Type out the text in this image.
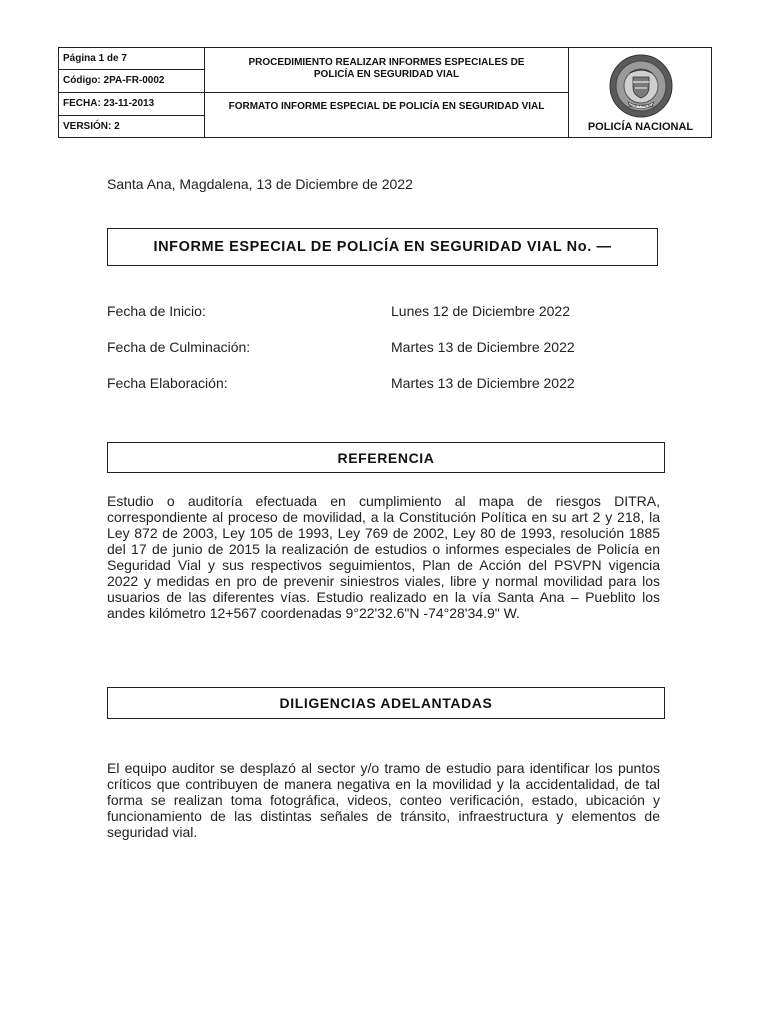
Página 1 de 7
Código: 2PA-FR-0002
FECHA: 23-11-2013
VERSIÓN: 2
PROCEDIMIENTO REALIZAR INFORMES ESPECIALES DE POLICÍA EN SEGURIDAD VIAL
FORMATO INFORME ESPECIAL DE POLICÍA EN SEGURIDAD VIAL	DIOS Y PATRIA
POLICÍA NACIONAL

Santa Ana, Magdalena, 13 de Diciembre de 2022

INFORME ESPECIAL DE POLICÍA EN SEGURIDAD VIAL No. —

Fecha de Inicio:	Lunes 12 de Diciembre 2022

Fecha de Culminación:	Martes 13 de Diciembre 2022

Fecha Elaboración:	Martes 13 de Diciembre 2022

REFERENCIA

Estudio o auditoría efectuada en cumplimiento al mapa de riesgos DITRA, correspondiente al proceso de movilidad, a la Constitución Política en su art 2 y 218, la Ley 872 de 2003, Ley 105 de 1993, Ley 769 de 2002, Ley 80 de 1993, resolución 1885 del 17 de junio de 2015 la realización de estudios o informes especiales de Policía en Seguridad Vial y sus respectivos seguimientos, Plan de Acción del PSVPN vigencia 2022 y medidas en pro de prevenir siniestros viales, libre y normal movilidad para los usuarios de las diferentes vías. Estudio realizado en la vía Santa Ana – Pueblito los andes kilómetro 12+567 coordenadas 9°22'32.6"N -74°28'34.9" W.

DILIGENCIAS ADELANTADAS

El equipo auditor se desplazó al sector y/o tramo de estudio para identificar los puntos críticos que contribuyen de manera negativa en la movilidad y la accidentalidad, de tal forma se realizan toma fotográfica, videos, conteo verificación, estado, ubicación y funcionamiento de las distintas señales de tránsito, infraestructura y elementos de seguridad vial.
